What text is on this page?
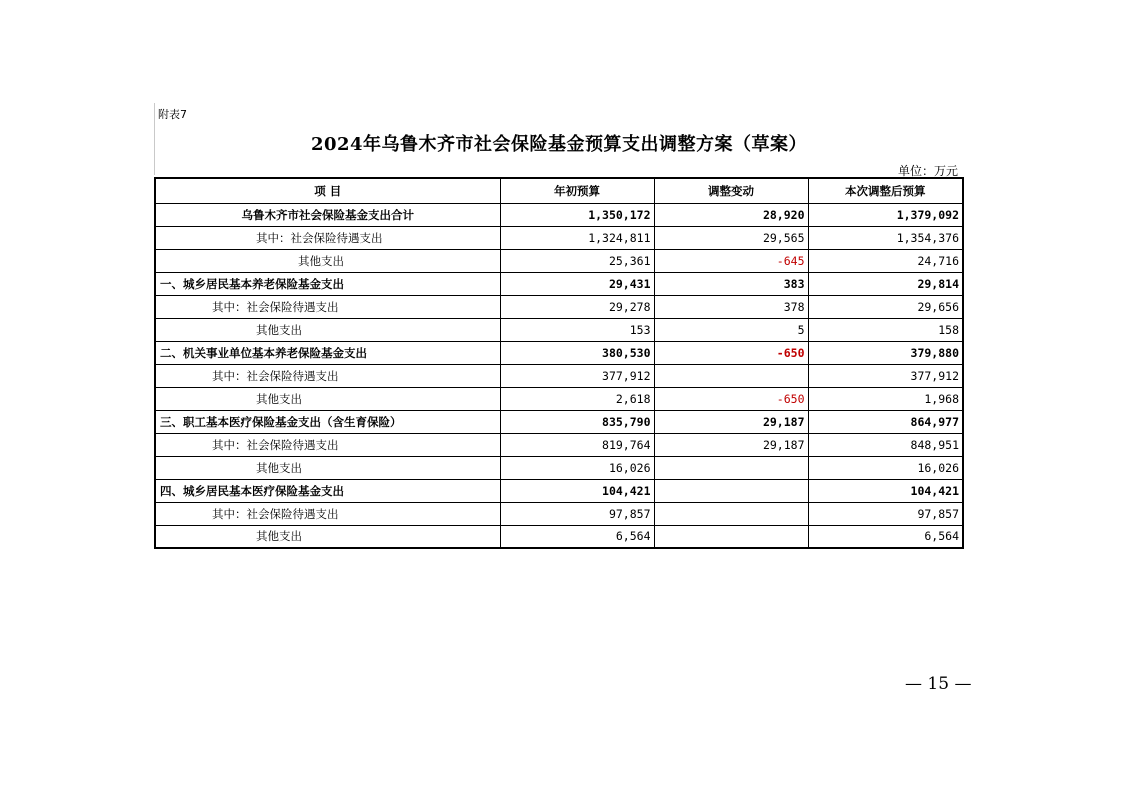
附表7
2024年乌鲁木齐市社会保险基金预算支出调整方案（草案）
单位：万元
项 目	年初预算	调整变动	本次调整后预算
乌鲁木齐市社会保险基金支出合计	1,350,172	28,920	1,379,092
其中：社会保险待遇支出	1,324,811	29,565	1,354,376
其他支出	25,361	-645	24,716
一、城乡居民基本养老保险基金支出	29,431	383	29,814
其中：社会保险待遇支出	29,278	378	29,656
其他支出	153	5	158
二、机关事业单位基本养老保险基金支出	380,530	-650	379,880
其中：社会保险待遇支出	377,912		377,912
其他支出	2,618	-650	1,968
三、职工基本医疗保险基金支出（含生育保险）	835,790	29,187	864,977
其中：社会保险待遇支出	819,764	29,187	848,951
其他支出	16,026		16,026
四、城乡居民基本医疗保险基金支出	104,421		104,421
其中：社会保险待遇支出	97,857		97,857
其他支出	6,564		6,564
— 15 —
